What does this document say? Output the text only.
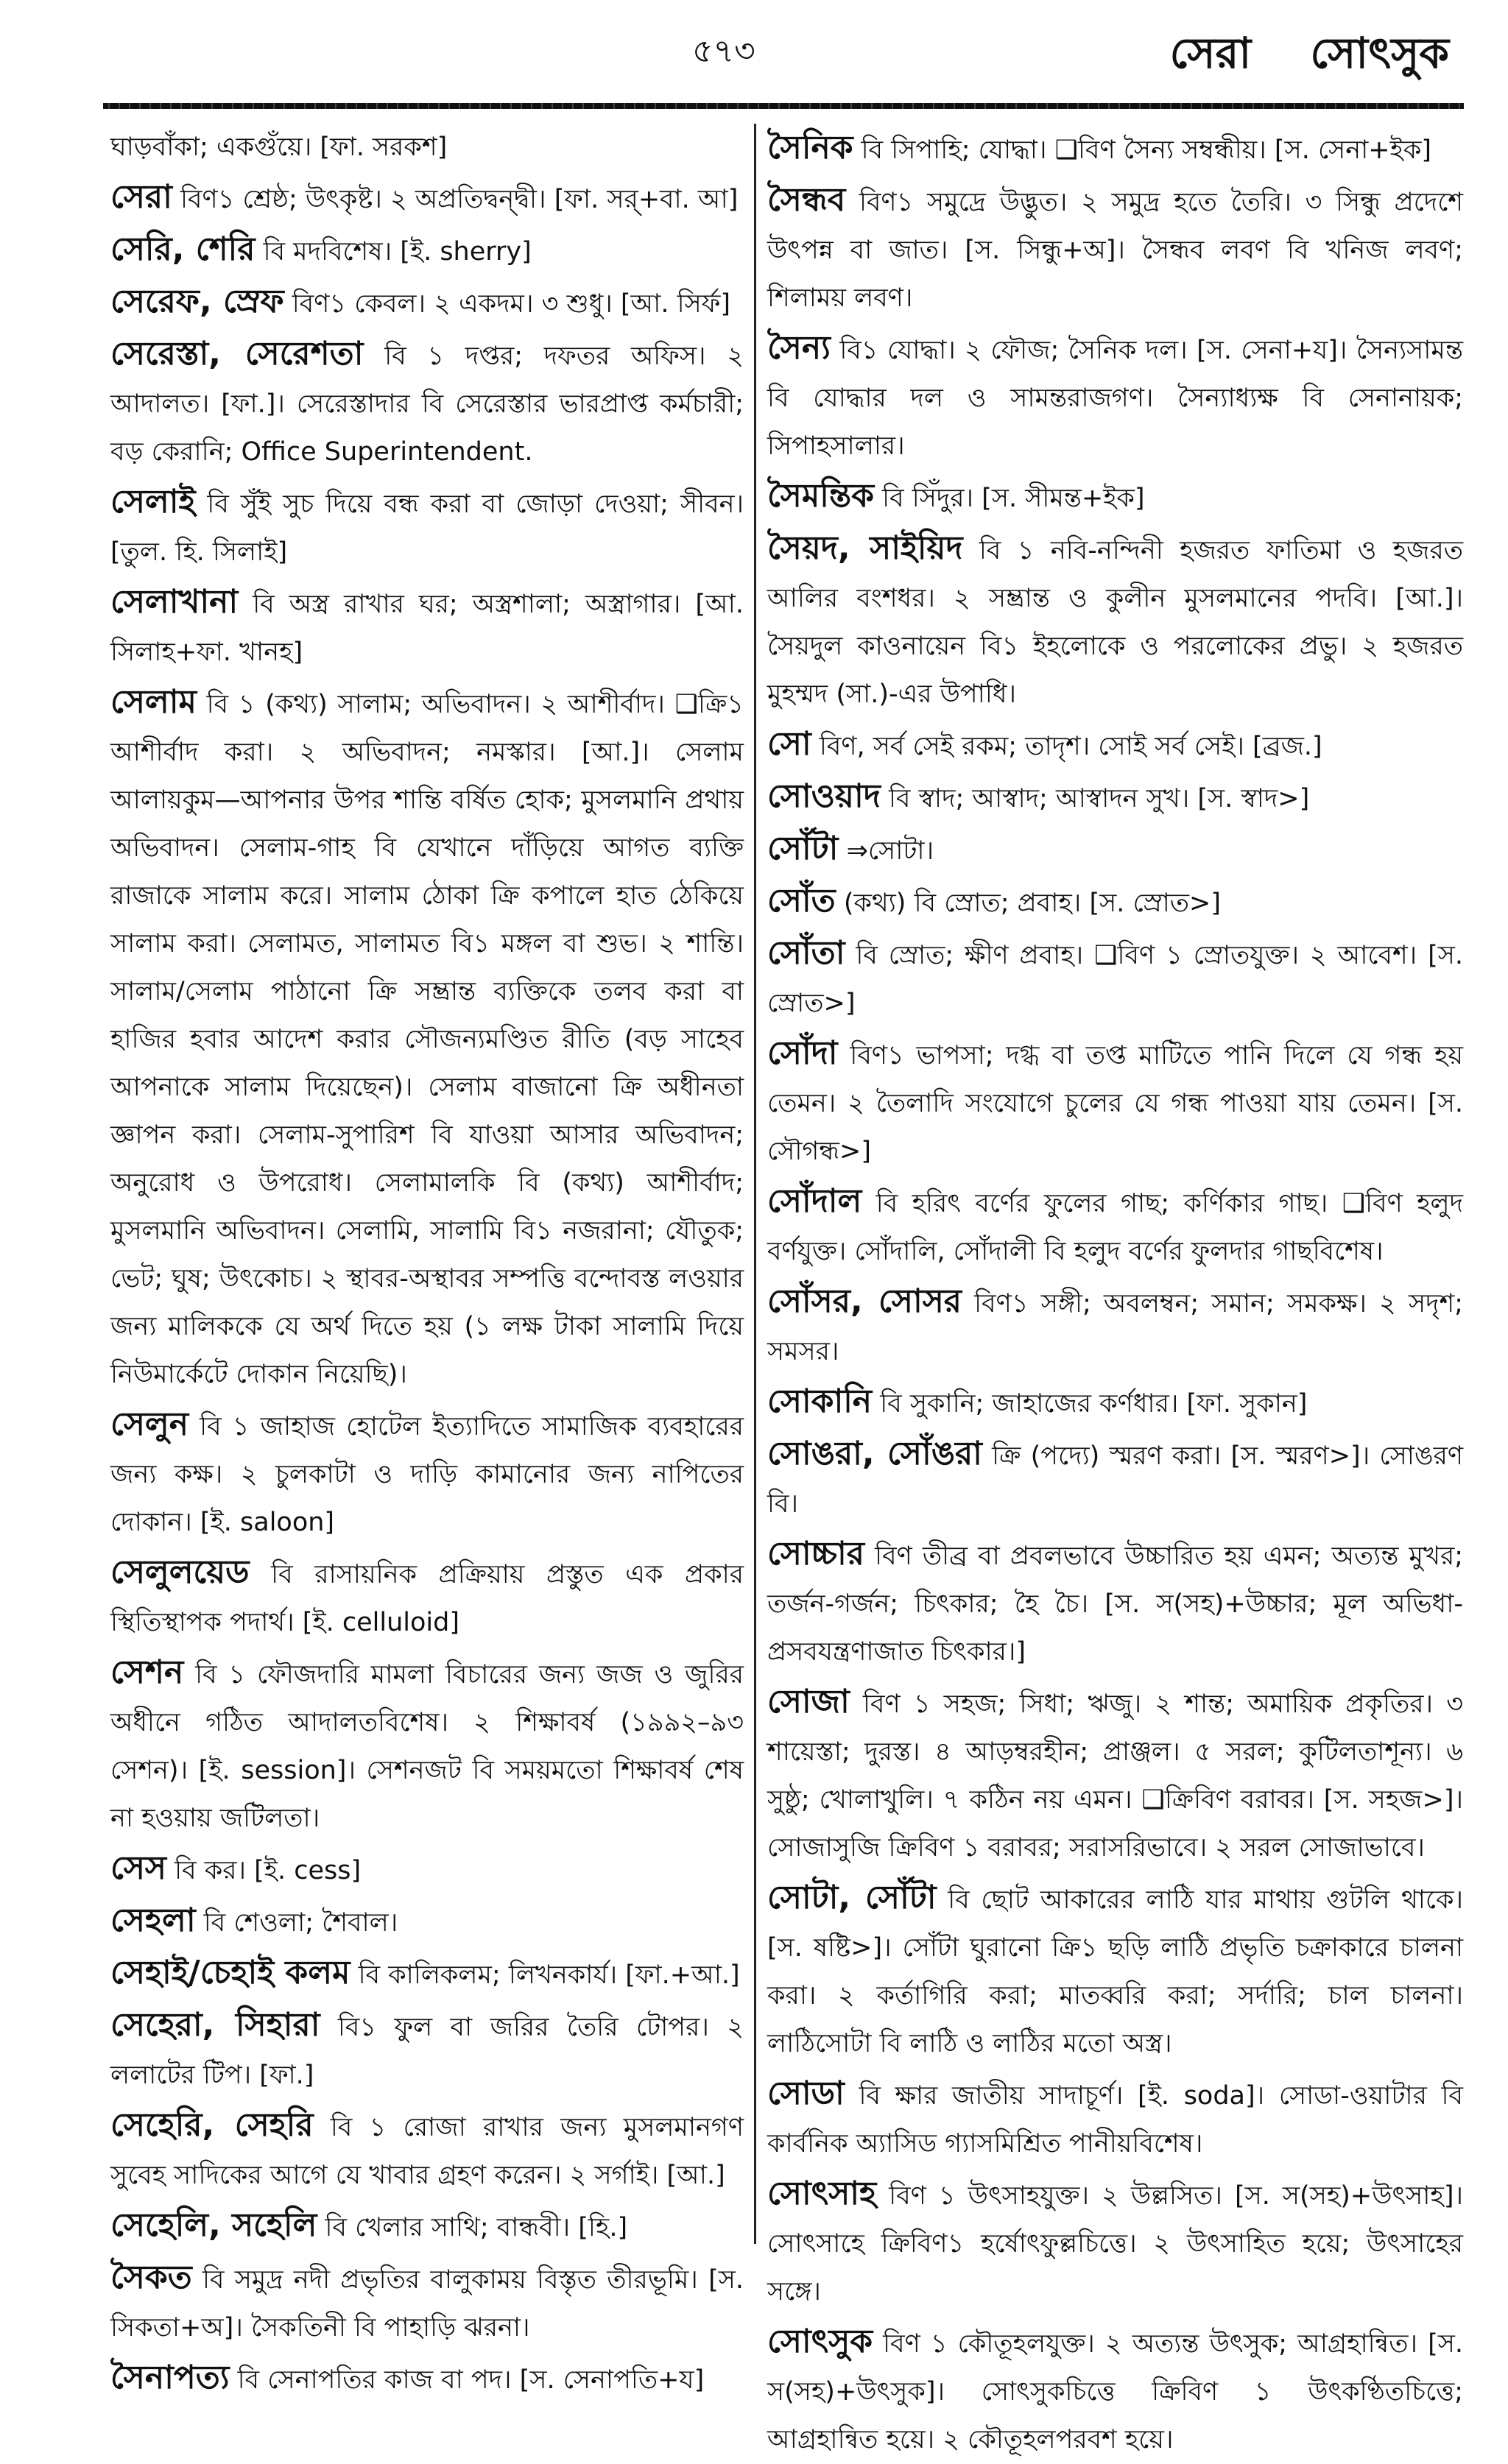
৫৭৩	সেরা সোৎসুক
ঘাড়বাঁকা; একগুঁয়ে। [ফা. সরকশ]
সেরা বিণ১ শ্রেষ্ঠ; উৎকৃষ্ট। ২ অপ্রতিদ্বন্দ্বী। [ফা. সর্‌+বা. আ]
সেরি, শেরি বি মদবিশেষ। [ই. sherry]
সেরেফ, স্রেফ বিণ১ কেবল। ২ একদম। ৩ শুধু। [আ. সির্ফ]
সেরেস্তা, সেরেশতা বি ১ দপ্তর; দফতর অফিস। ২ আদালত। [ফা.]। সেরেস্তাদার বি সেরেস্তার ভারপ্রাপ্ত কর্মচারী; বড় কেরানি; Office Superintendent.
সেলাই বি সুঁই সুচ দিয়ে বন্ধ করা বা জোড়া দেওয়া; সীবন। [তুল. হি. সিলাই]
সেলাখানা বি অস্ত্র রাখার ঘর; অস্ত্রশালা; অস্ত্রাগার। [আ. সিলাহ+ফা. খানহ]
সেলাম বি ১ (কথ্য) সালাম; অভিবাদন। ২ আশীর্বাদ। ❑ক্রি১ আশীর্বাদ করা। ২ অভিবাদন; নমস্কার। [আ.]। সেলাম আলায়কুম—আপনার উপর শান্তি বর্ষিত হোক; মুসলমানি প্রথায় অভিবাদন। সেলাম-গাহ বি যেখানে দাঁড়িয়ে আগত ব্যক্তি রাজাকে সালাম করে। সালাম ঠোকা ক্রি কপালে হাত ঠেকিয়ে সালাম করা। সেলামত, সালামত বি১ মঙ্গল বা শুভ। ২ শান্তি। সালাম/সেলাম পাঠানো ক্রি সম্ভ্রান্ত ব্যক্তিকে তলব করা বা হাজির হবার আদেশ করার সৌজন্যমণ্ডিত রীতি (বড় সাহেব আপনাকে সালাম দিয়েছেন)। সেলাম বাজানো ক্রি অধীনতা জ্ঞাপন করা। সেলাম-সুপারিশ বি যাওয়া আসার অভিবাদন; অনুরোধ ও উপরোধ। সেলামালকি বি (কথ্য) আশীর্বাদ; মুসলমানি অভিবাদন। সেলামি, সালামি বি১ নজরানা; যৌতুক; ভেট; ঘুষ; উৎকোচ। ২ স্থাবর-অস্থাবর সম্পত্তি বন্দোবস্ত লওয়ার জন্য মালিককে যে অর্থ দিতে হয় (১ লক্ষ টাকা সালামি দিয়ে নিউমার্কেটে দোকান নিয়েছি)।
সেলুন বি ১ জাহাজ হোটেল ইত্যাদিতে সামাজিক ব্যবহারের জন্য কক্ষ। ২ চুলকাটা ও দাড়ি কামানোর জন্য নাপিতের দোকান। [ই. saloon]
সেলুলয়েড বি রাসায়নিক প্রক্রিয়ায় প্রস্তুত এক প্রকার স্থিতিস্থাপক পদার্থ। [ই. celluloid]
সেশন বি ১ ফৌজদারি মামলা বিচারের জন্য জজ ও জুরির অধীনে গঠিত আদালতবিশেষ। ২ শিক্ষাবর্ষ (১৯৯২–৯৩ সেশন)। [ই. session]। সেশনজট বি সময়মতো শিক্ষাবর্ষ শেষ না হওয়ায় জটিলতা।
সেস বি কর। [ই. cess]
সেহলা বি শেওলা; শৈবাল।
সেহাই/চেহাই কলম বি কালিকলম; লিখনকার্য। [ফা.+আ.]
সেহেরা, সিহারা বি১ ফুল বা জরির তৈরি টোপর। ২ ললাটের টিপ। [ফা.]
সেহেরি, সেহরি বি ১ রোজা রাখার জন্য মুসলমানগণ সুবেহ সাদিকের আগে যে খাবার গ্রহণ করেন। ২ সর্গাই। [আ.]
সেহেলি, সহেলি বি খেলার সাথি; বান্ধবী। [হি.]
সৈকত বি সমুদ্র নদী প্রভৃতির বালুকাময় বিস্তৃত তীরভূমি। [স. সিকতা+অ]। সৈকতিনী বি পাহাড়ি ঝরনা।
সৈনাপত্য বি সেনাপতির কাজ বা পদ। [স. সেনাপতি+য]
সৈনিক বি সিপাহি; যোদ্ধা। ❑বিণ সৈন্য সম্বন্ধীয়। [স. সেনা+ইক]
সৈন্ধব বিণ১ সমুদ্রে উদ্ভুত। ২ সমুদ্র হতে তৈরি। ৩ সিন্ধু প্রদেশে উৎপন্ন বা জাত। [স. সিন্ধু+অ]। সৈন্ধব লবণ বি খনিজ লবণ; শিলাময় লবণ।
সৈন্য বি১ যোদ্ধা। ২ ফৌজ; সৈনিক দল। [স. সেনা+য]। সৈন্যসামন্ত বি যোদ্ধার দল ও সামন্তরাজগণ। সৈন্যাধ্যক্ষ বি সেনানায়ক; সিপাহসালার।
সৈমন্তিক বি সিঁদুর। [স. সীমন্ত+ইক]
সৈয়দ, সাইয়িদ বি ১ নবি-নন্দিনী হজরত ফাতিমা ও হজরত আলির বংশধর। ২ সম্ভ্রান্ত ও কুলীন মুসলমানের পদবি। [আ.]। সৈয়দুল কাওনায়েন বি১ ইহলোকে ও পরলোকের প্রভু। ২ হজরত মুহম্মদ (সা.)-এর উপাধি।
সো বিণ, সর্ব সেই রকম; তাদৃশ। সোই সর্ব সেই। [ব্রজ.]
সোওয়াদ বি স্বাদ; আস্বাদ; আস্বাদন সুখ। [স. স্বাদ>]
সোঁটা ⇒সোটা।
সোঁত (কথ্য) বি স্রোত; প্রবাহ। [স. স্রোত>]
সোঁতা বি স্রোত; ক্ষীণ প্রবাহ। ❑বিণ ১ স্রোতযুক্ত। ২ আবেশ। [স. স্রোত>]
সোঁদা বিণ১ ভাপসা; দগ্ধ বা তপ্ত মাটিতে পানি দিলে যে গন্ধ হয় তেমন। ২ তৈলাদি সংযোগে চুলের যে গন্ধ পাওয়া যায় তেমন। [স. সৌগন্ধ>]
সোঁদাল বি হরিৎ বর্ণের ফুলের গাছ; কর্ণিকার গাছ। ❑বিণ হলুদ বর্ণযুক্ত। সোঁদালি, সোঁদালী বি হলুদ বর্ণের ফুলদার গাছবিশেষ।
সোঁসর, সোসর বিণ১ সঙ্গী; অবলম্বন; সমান; সমকক্ষ। ২ সদৃশ; সমসর।
সোকানি বি সুকানি; জাহাজের কর্ণধার। [ফা. সুকান]
সোঙরা, সোঁঙরা ক্রি (পদ্যে) স্মরণ করা। [স. স্মরণ>]। সোঙরণ বি।
সোচ্চার বিণ তীব্র বা প্রবলভাবে উচ্চারিত হয় এমন; অত্যন্ত মুখর; তর্জন-গর্জন; চিৎকার; হৈ চৈ। [স. স(সহ)+উচ্চার; মূল অভিধা-প্রসবযন্ত্রণাজাত চিৎকার।]
সোজা বিণ ১ সহজ; সিধা; ঋজু। ২ শান্ত; অমায়িক প্রকৃতির। ৩ শায়েস্তা; দুরস্ত। ৪ আড়ম্বরহীন; প্রাঞ্জল। ৫ সরল; কুটিলতাশূন্য। ৬ সুষ্ঠু; খোলাখুলি। ৭ কঠিন নয় এমন। ❑ক্রিবিণ বরাবর। [স. সহজ>]। সোজাসুজি ক্রিবিণ ১ বরাবর; সরাসরিভাবে। ২ সরল সোজাভাবে।
সোটা, সোঁটা বি ছোট আকারের লাঠি যার মাথায় গুটলি থাকে। [স. ষষ্টি>]। সোঁটা ঘুরানো ক্রি১ ছড়ি লাঠি প্রভৃতি চক্রাকারে চালনা করা। ২ কর্তাগিরি করা; মাতব্বরি করা; সর্দারি; চাল চালনা। লাঠিসোটা বি লাঠি ও লাঠির মতো অস্ত্র।
সোডা বি ক্ষার জাতীয় সাদাচূর্ণ। [ই. soda]। সোডা-ওয়াটার বি কার্বনিক অ্যাসিড গ্যাসমিশ্রিত পানীয়বিশেষ।
সোৎসাহ বিণ ১ উৎসাহযুক্ত। ২ উল্লসিত। [স. স(সহ)+উৎসাহ]। সোৎসাহে ক্রিবিণ১ হর্ষোৎফুল্লচিত্তে। ২ উৎসাহিত হয়ে; উৎসাহের সঙ্গে।
সোৎসুক বিণ ১ কৌতূহলযুক্ত। ২ অত্যন্ত উৎসুক; আগ্রহান্বিত। [স. স(সহ)+উৎসুক]। সোৎসুকচিত্তে ক্রিবিণ ১ উৎকণ্ঠিতচিত্তে; আগ্রহান্বিত হয়ে। ২ কৌতূহলপরবশ হয়ে।
